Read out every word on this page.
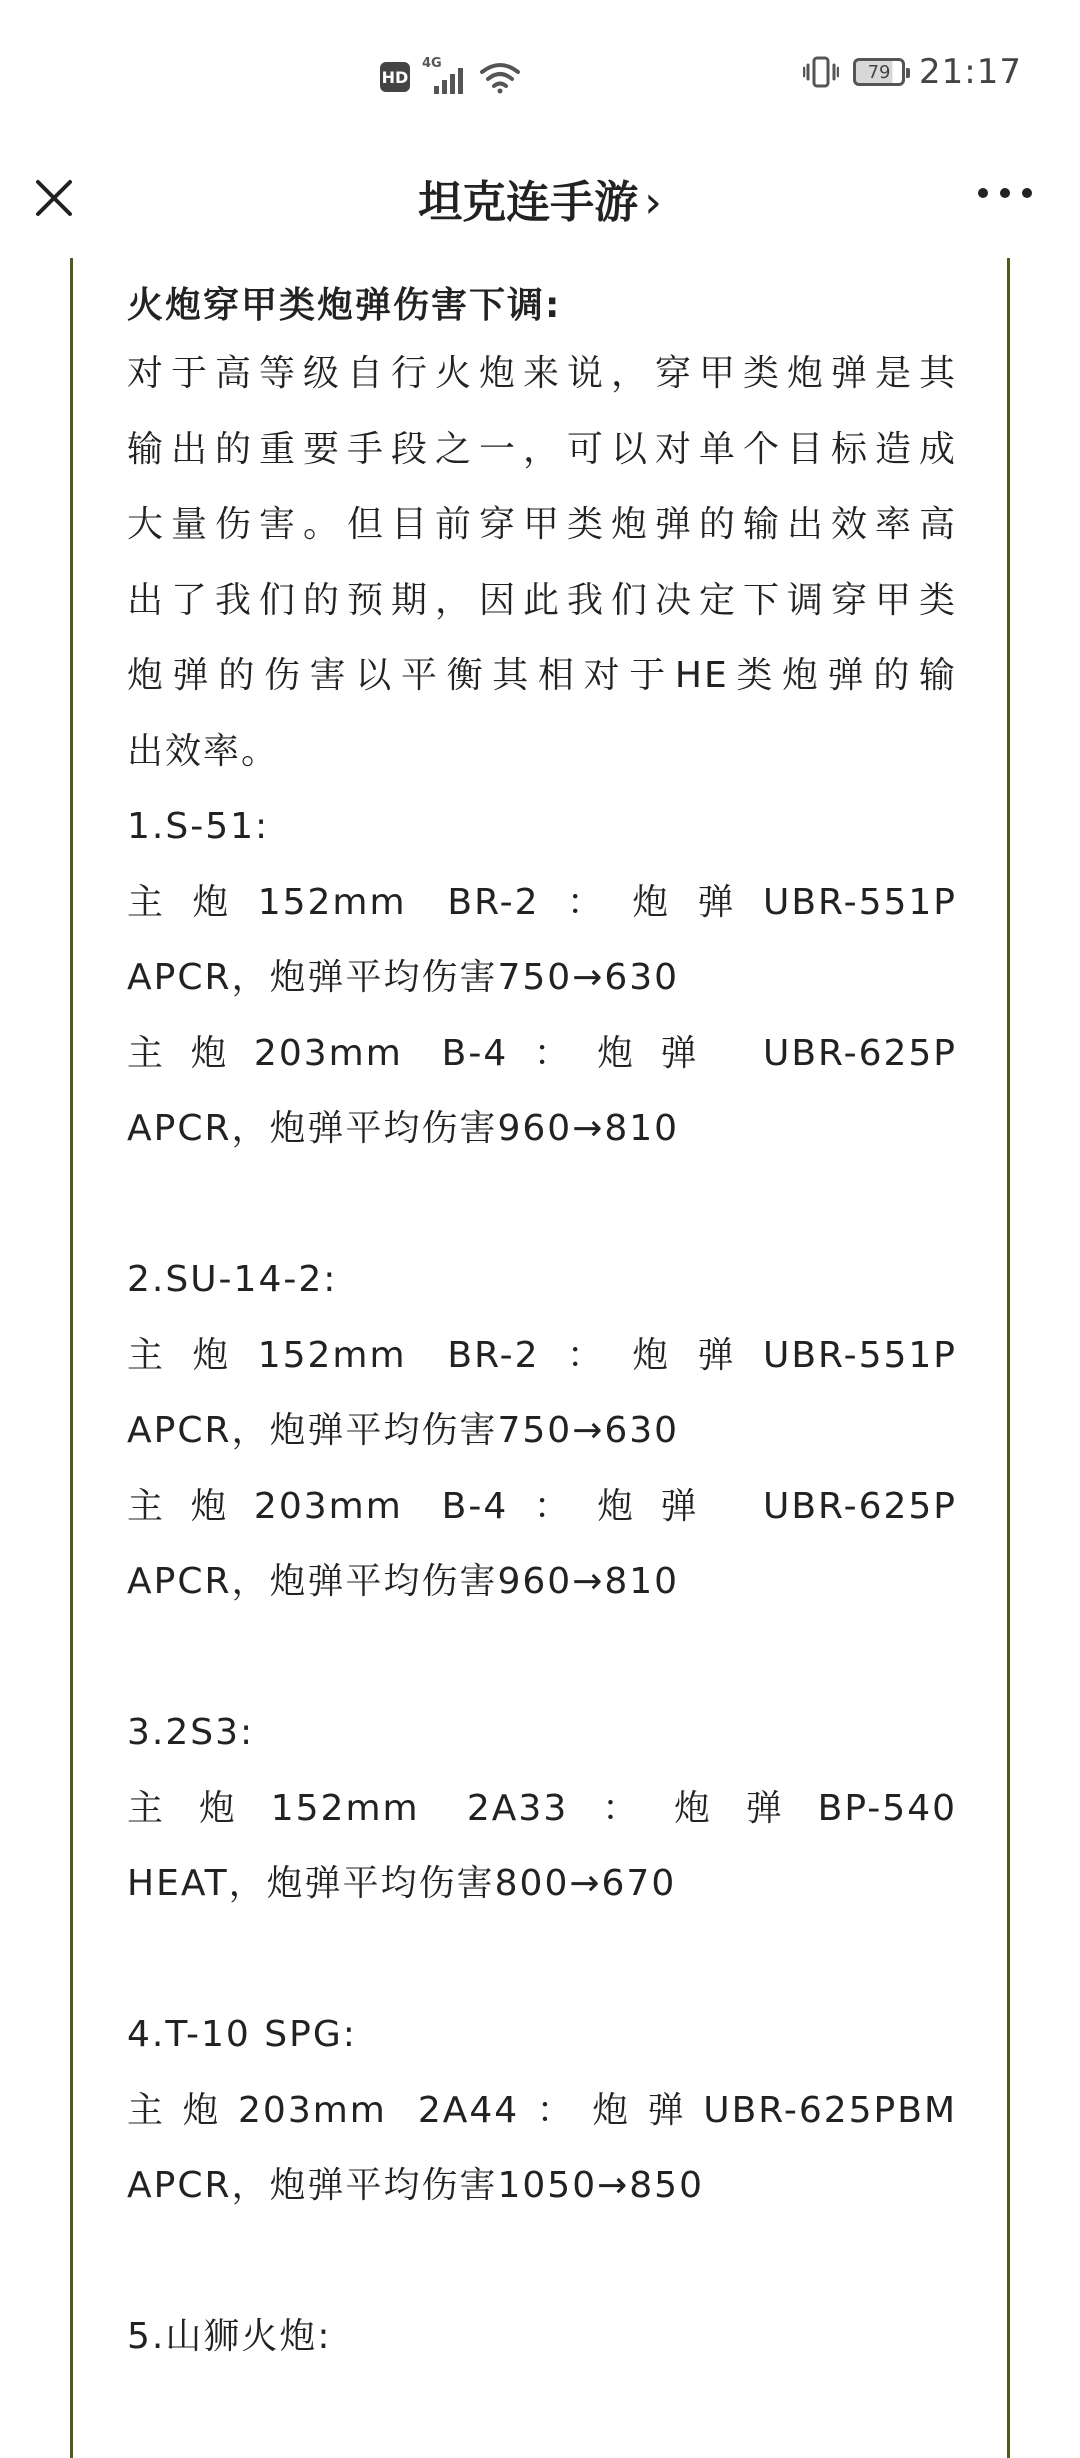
HD
4G	79 21:17
坦克连手游 ›

火炮穿甲类炮弹伤害下调:

对于高等级自行火炮来说，穿甲类炮弹是其

输出的重要手段之一，可以对单个目标造成

大量伤害。但目前穿甲类炮弹的输出效率高

出了我们的预期，因此我们决定下调穿甲类

炮弹的伤害以平衡其相对于HE类炮弹的输

出效率。

1.S-51:

主炮152mm BR-2：炮弹UBR-551P

APCR，炮弹平均伤害750→630

主炮203mm B-4：炮弹 UBR-625P

APCR，炮弹平均伤害960→810

2.SU-14-2:

主炮152mm BR-2：炮弹UBR-551P

APCR，炮弹平均伤害750→630

主炮203mm B-4：炮弹 UBR-625P

APCR，炮弹平均伤害960→810

3.2S3:

主炮152mm 2A33：炮弹BP-540

HEAT，炮弹平均伤害800→670

4.T-10 SPG:

主炮203mm 2A44：炮弹UBR-625PBM

APCR，炮弹平均伤害1050→850

5.山狮火炮:
